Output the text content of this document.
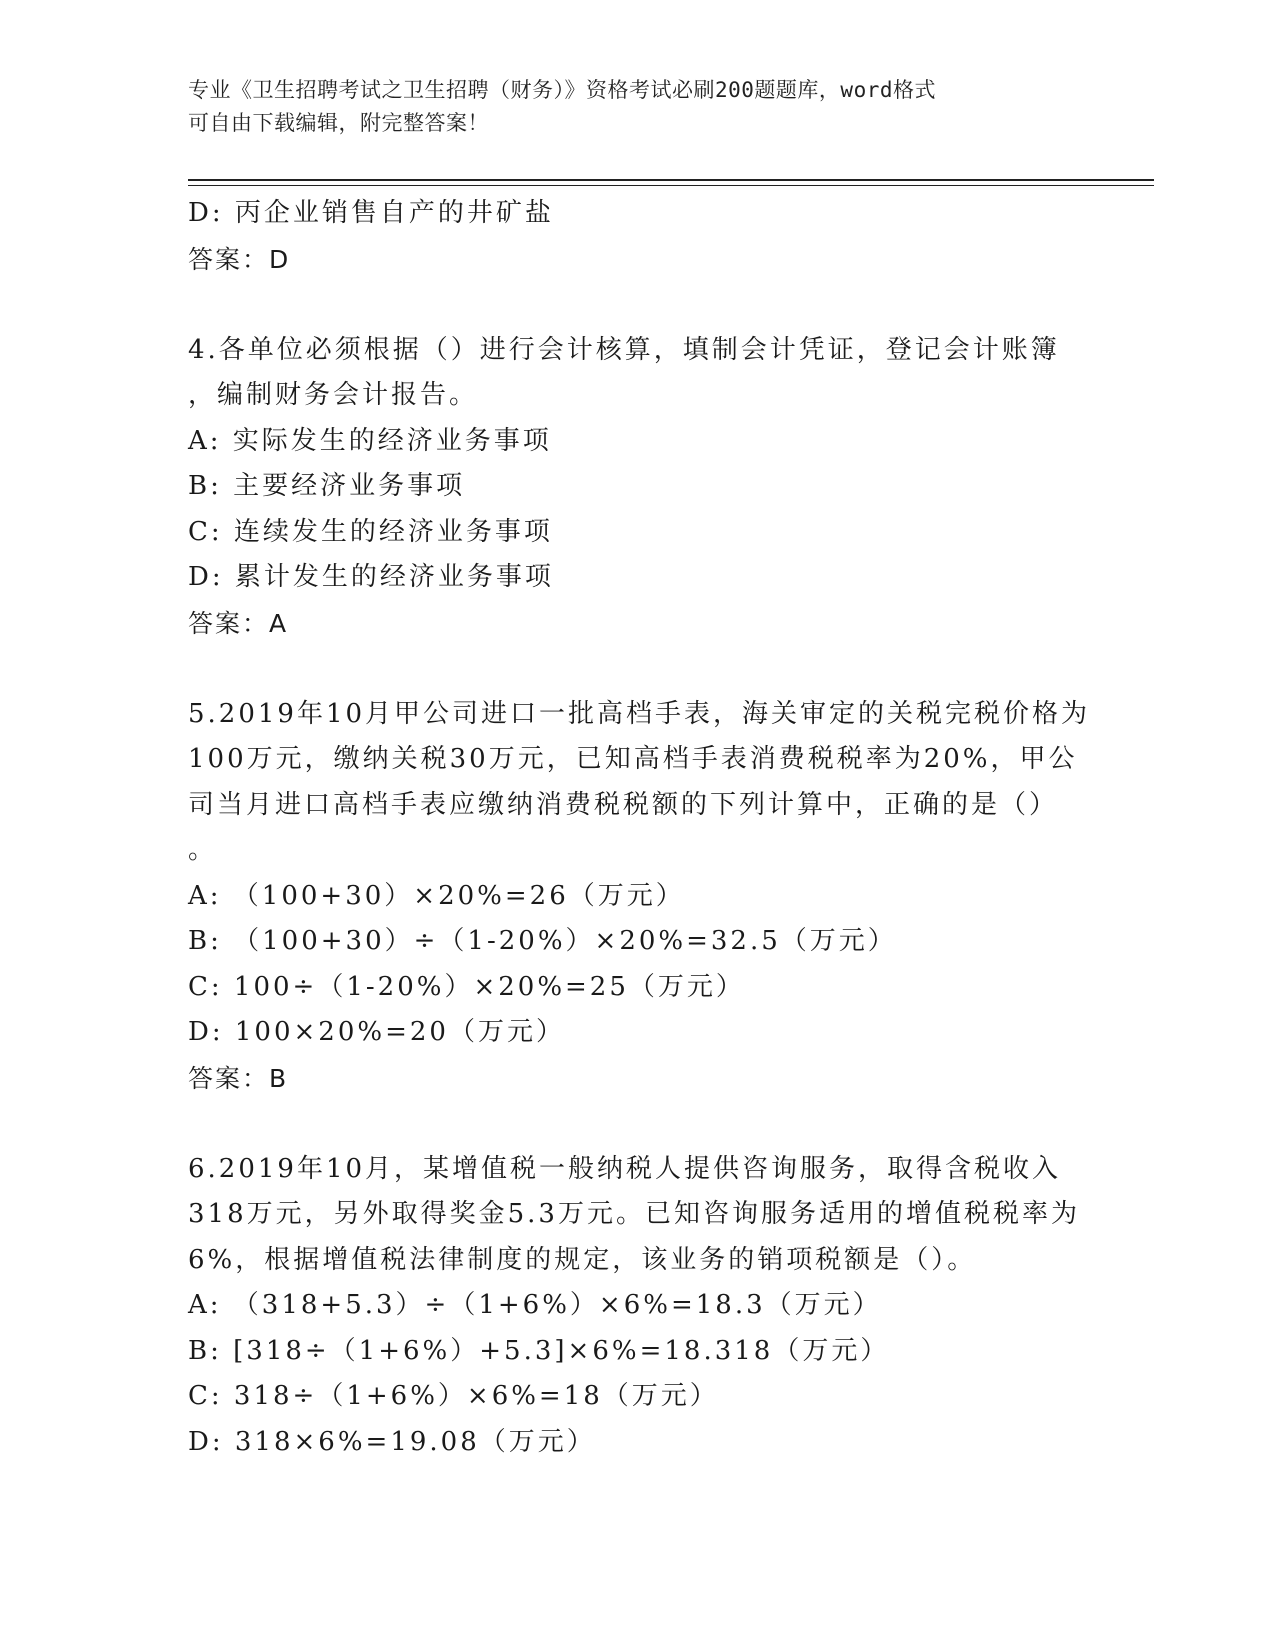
专业《卫生招聘考试之卫生招聘（财务）》资格考试必刷200题题库，word格式
可自由下载编辑，附完整答案！
D: 丙企业销售自产的井矿盐
答案：D
4.各单位必须根据（）进行会计核算，填制会计凭证，登记会计账簿
，编制财务会计报告。
A: 实际发生的经济业务事项
B: 主要经济业务事项
C: 连续发生的经济业务事项
D: 累计发生的经济业务事项
答案：A
5.2019年10月甲公司进口一批高档手表，海关审定的关税完税价格为
100万元，缴纳关税30万元，已知高档手表消费税税率为20%，甲公
司当月进口高档手表应缴纳消费税税额的下列计算中，正确的是（）
。
A: （100+30）×20%=26（万元）
B: （100+30）÷（1-20%）×20%=32.5（万元）
C: 100÷（1-20%）×20%=25（万元）
D: 100×20%=20（万元）
答案：B
6.2019年10月，某增值税一般纳税人提供咨询服务，取得含税收入
318万元，另外取得奖金5.3万元。已知咨询服务适用的增值税税率为
6%，根据增值税法律制度的规定，该业务的销项税额是（）。
A: （318+5.3）÷（1+6%）×6%=18.3（万元）
B: [318÷（1+6%）+5.3]×6%=18.318（万元）
C: 318÷（1+6%）×6%=18（万元）
D: 318×6%=19.08（万元）
